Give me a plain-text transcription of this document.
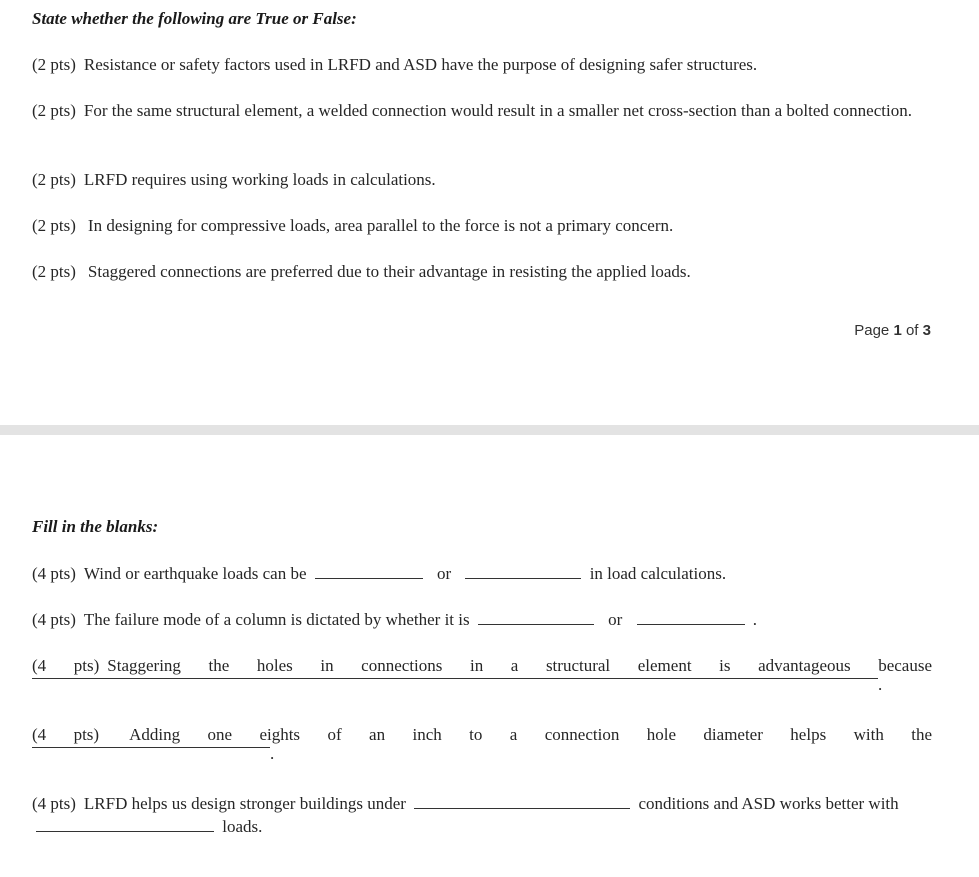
State whether the following are True or False:
(2 pts) Resistance or safety factors used in LRFD and ASD have the purpose of designing safer structures.
(2 pts) For the same structural element, a welded connection would result in a smaller net cross-section than a bolted connection.
(2 pts) LRFD requires using working loads in calculations.
(2 pts) In designing for compressive loads, area parallel to the force is not a primary concern.
(2 pts) Staggered connections are preferred due to their advantage in resisting the applied loads.
Page 1 of 3
Fill in the blanks:
(4 pts) Wind or earthquake loads can be	or	in load calculations.
(4 pts) The failure mode of a column is dictated by whether it is	or	.
(4 pts) Staggering the holes in connections in a structural element is advantageous because
.
(4 pts) Adding one eights of an inch to a connection hole diameter helps with the
.
(4 pts) LRFD helps us design stronger buildings under	conditions and ASD works better with  loads.
